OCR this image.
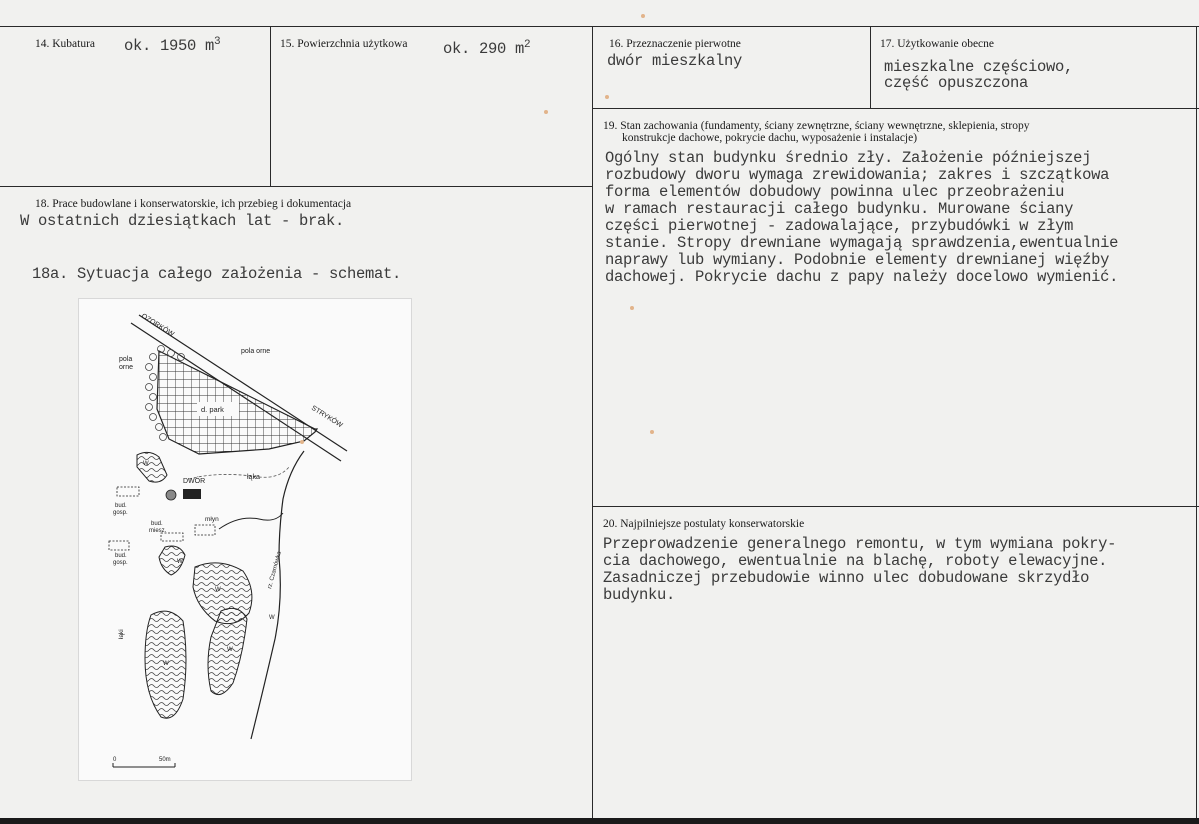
14. Kubatura ok. 1950 $m^3$	15. Powierzchnia użytkowa ok. 290 $m^2$	16. Przeznaczenie pierwotne
dwór mieszkalny
17. Użytkowanie obecne
mieszkalne częściowo,
część opuszczona
18. Prace budowlane i konserwatorskie, ich przebieg i dokumentacja
W ostatnich dziesiątkach lat - brak.
18a. Sytuacja całego założenia - schemat.
OZORKÓW
STRYKÓW
pola orne
pola
orne
d. park
DWÓR
łąka
młyn
bud.
gosp.
bud.
miesz.
bud.
gosp.
łąki
rz. Czarnówka
W
W
W
W
W
W
0	50m
19. Stan zachowania (fundamenty, ściany zewnętrzne, ściany wewnętrzne, sklepienia, stropy
konstrukcje dachowe, pokrycie dachu, wyposażenie i instalacje)
Ogólny stan budynku średnio zły. Założenie późniejszej
rozbudowy dworu wymaga zrewidowania; zakres i szczątkowa
forma elementów dobudowy powinna ulec przeobrażeniu
w ramach restauracji całego budynku. Murowane ściany
części pierwotnej - zadowalające, przybudówki w złym
stanie. Stropy drewniane wymagają sprawdzenia,ewentualnie
naprawy lub wymiany. Podobnie elementy drewnianej więźby
dachowej. Pokrycie dachu z papy należy docelowo wymienić.
20. Najpilniejsze postulaty konserwatorskie
Przeprowadzenie generalnego remontu, w tym wymiana pokry-
cia dachowego, ewentualnie na blachę, roboty elewacyjne.
Zasadniczej przebudowie winno ulec dobudowane skrzydło
budynku.
